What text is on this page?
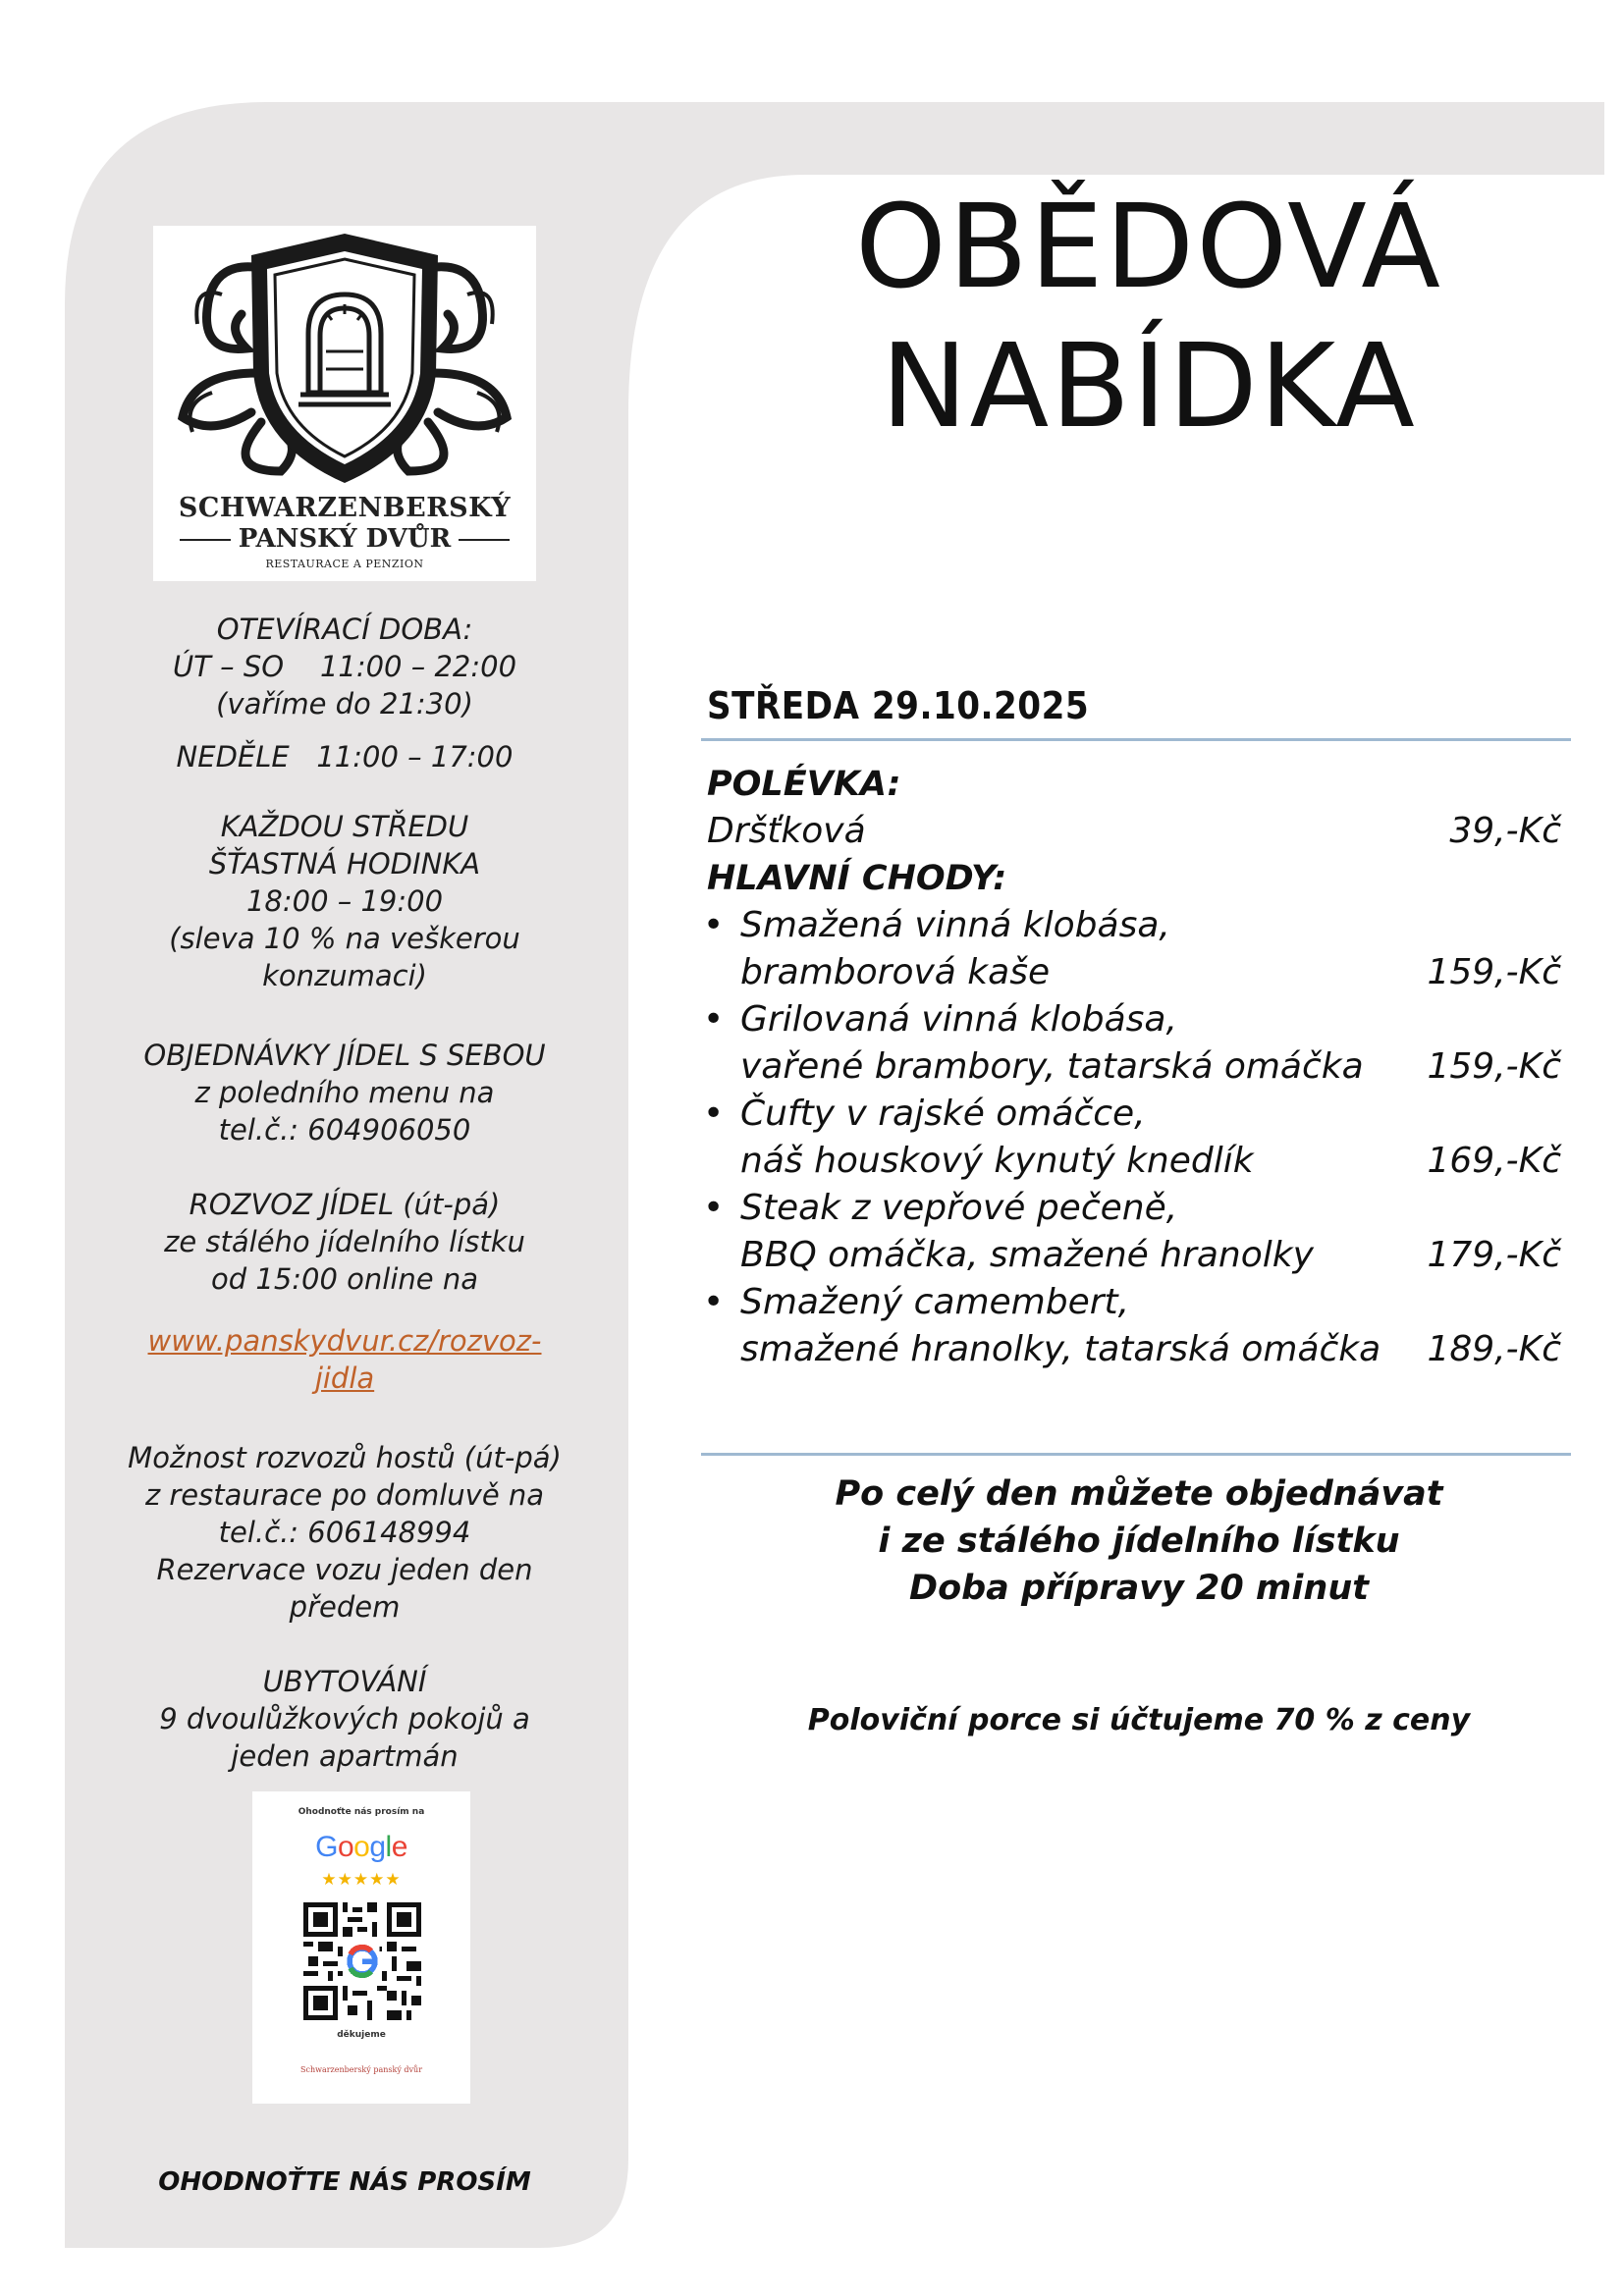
SCHWARZENBERSKÝ
PANSKÝ DVŮR
RESTAURACE A PENZION
OTEVÍRACÍ DOBA:
ÚT – SO    11:00 – 22:00
(vaříme do 21:30)
NEDĚLE   11:00 – 17:00
KAŽDOU STŘEDU
ŠŤASTNÁ HODINKA
18:00 – 19:00
(sleva 10 % na veškerou
konzumaci)
OBJEDNÁVKY JÍDEL S SEBOU
z poledního menu na
tel.č.: 604906050
ROZVOZ JÍDEL (út-pá)
ze stálého jídelního lístku
od 15:00 online na
www.panskydvur.cz/rozvoz-
jidla
Možnost rozvozů hostů (út-pá)
z restaurace po domluvě na
tel.č.: 606148994
Rezervace vozu jeden den
předem
UBYTOVÁNÍ
9 dvoulůžkových pokojů a
jeden apartmán
Ohodnoťte nás prosím na
Google
★★★★★
děkujeme
Schwarzenberský panský dvůr
OHODNOŤTE NÁS PROSÍM
OBĚDOVÁ
NABÍDKA
STŘEDA 29.10.2025
POLÉVKA:
Dršťková	39,-Kč
HLAVNÍ CHODY:
• Smažená vinná klobása,
bramborová kaše	159,-Kč
• Grilovaná vinná klobása,
vařené brambory, tatarská omáčka 159,-Kč
• Čufty v rajské omáčce,
náš houskový kynutý knedlík	169,-Kč
• Steak z vepřové pečeně,
BBQ omáčka, smažené hranolky	179,-Kč
• Smažený camembert,
smažené hranolky, tatarská omáčka 189,-Kč
Po celý den můžete objednávat
i ze stálého jídelního lístku
Doba přípravy 20 minut
Poloviční porce si účtujeme 70 % z ceny
